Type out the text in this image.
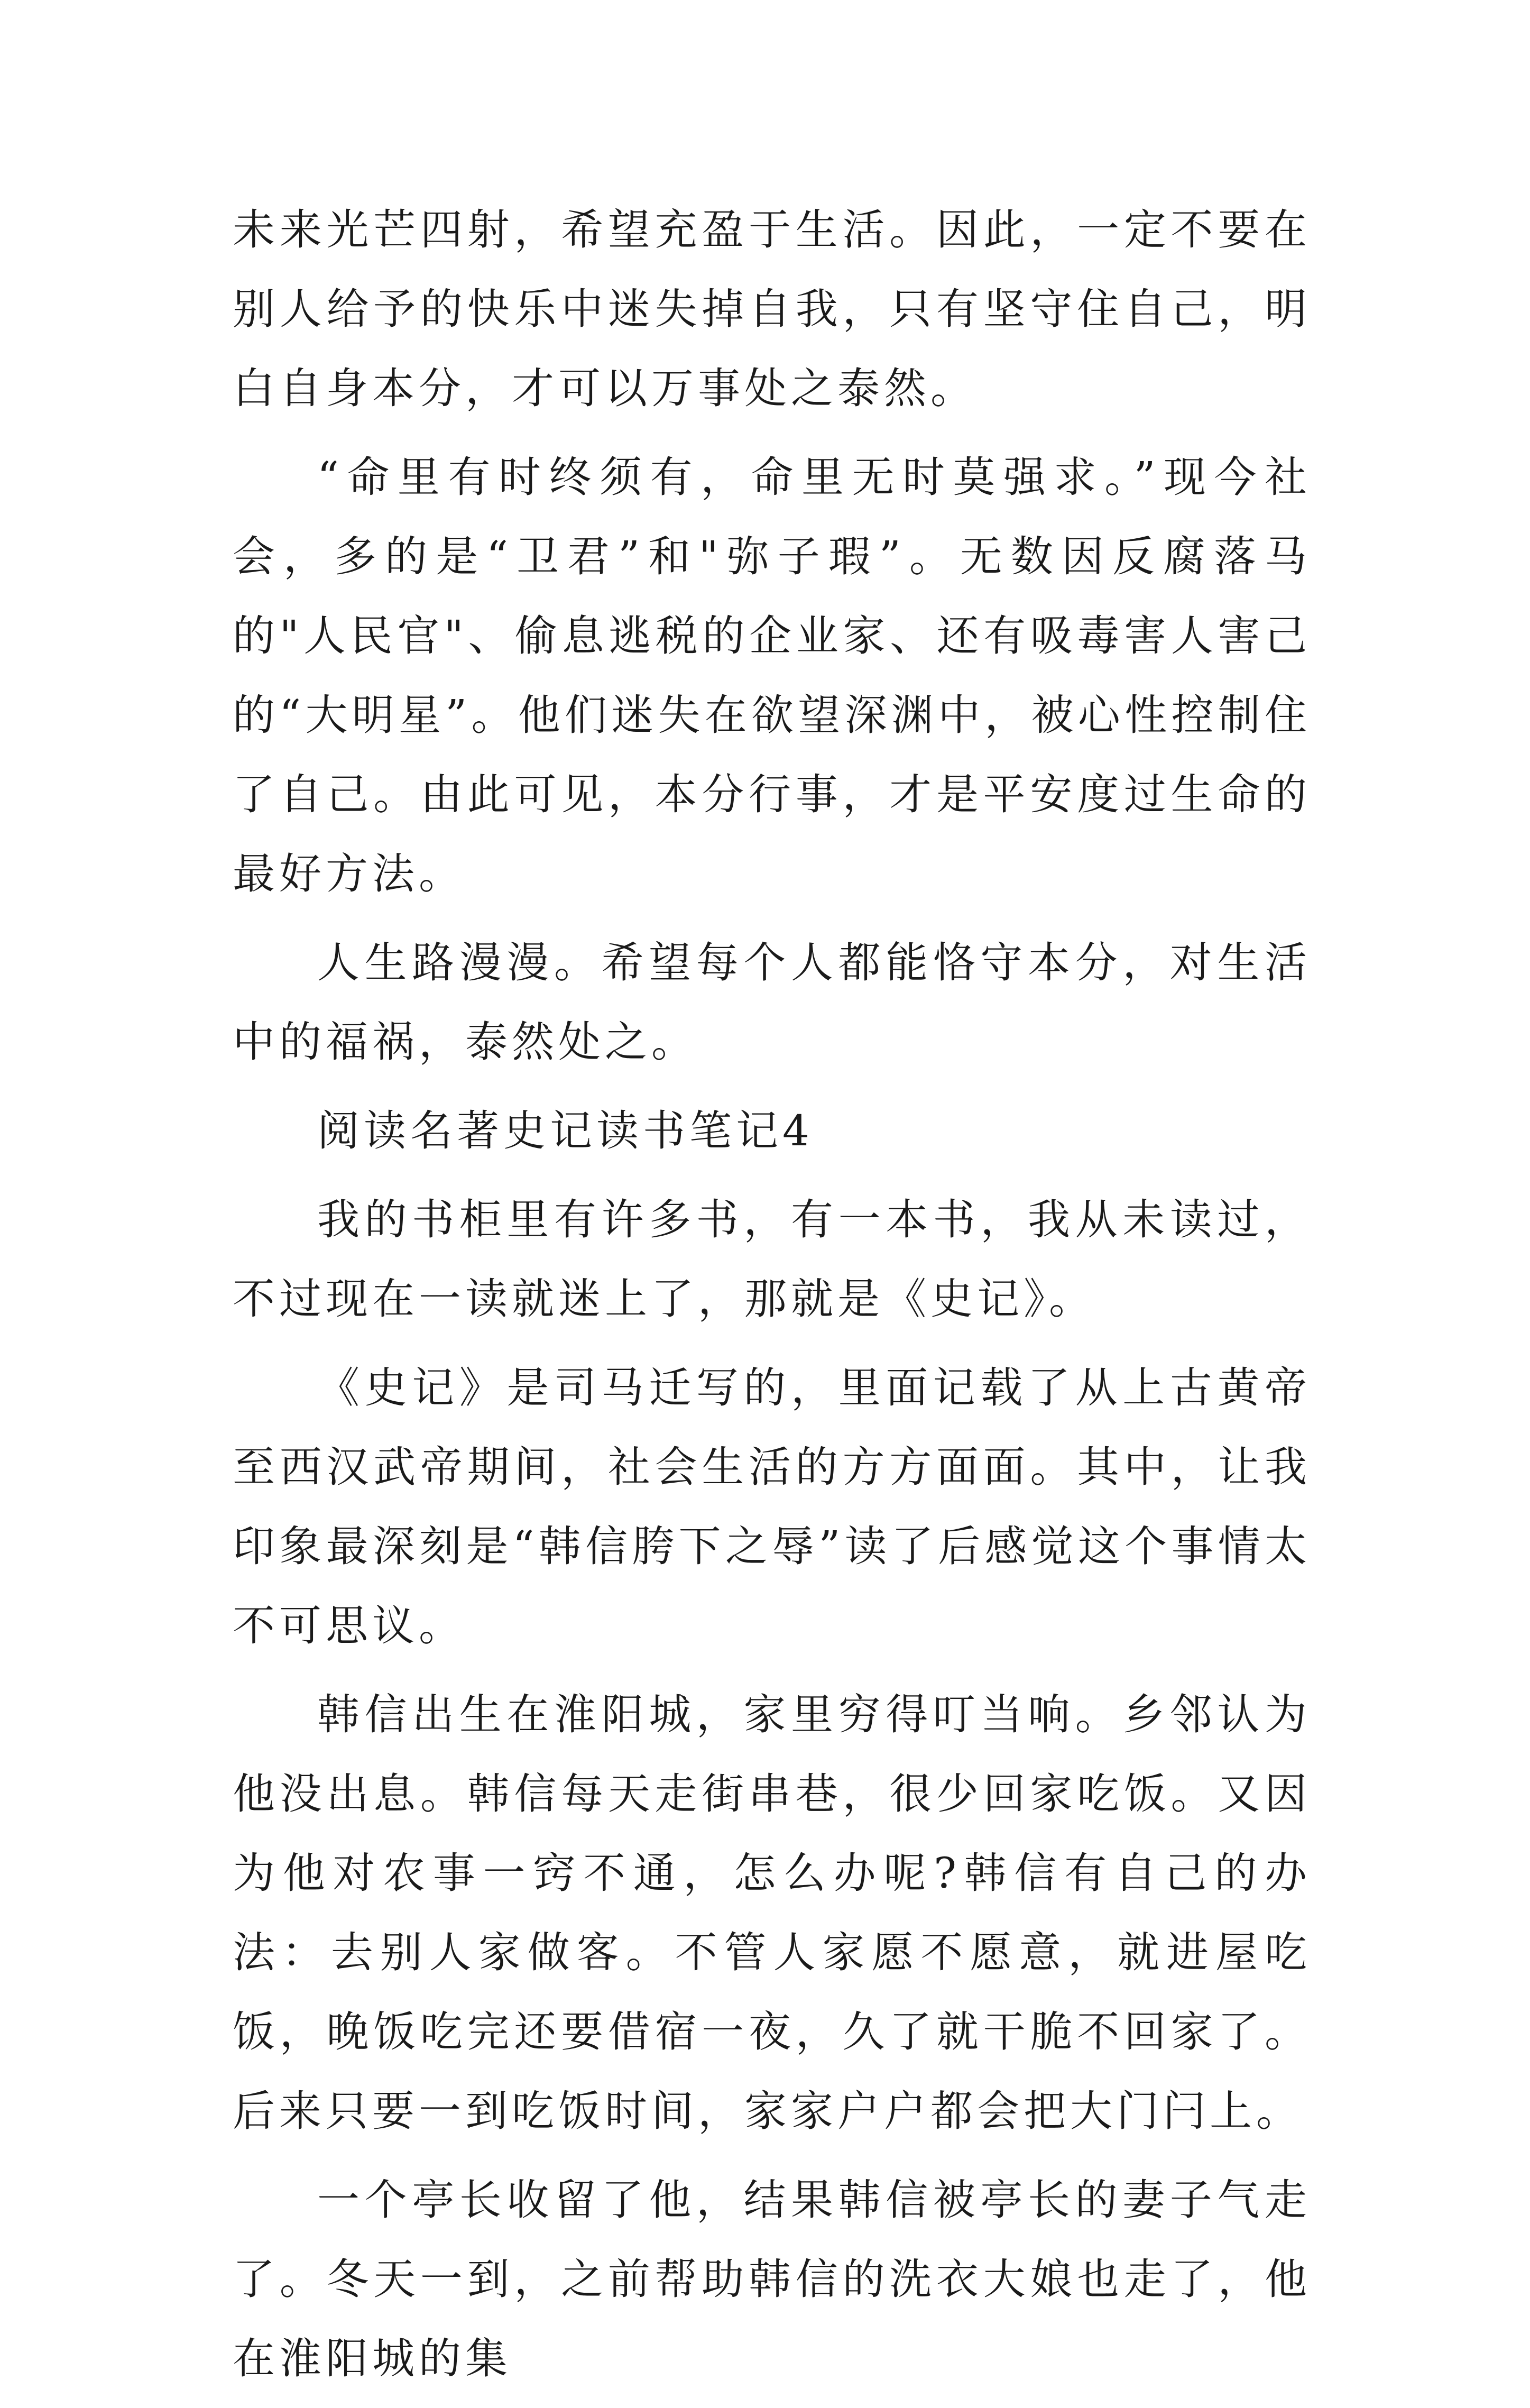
未来光芒四射，希望充盈于生活。因此，一定不要在别人给予的快乐中迷失掉自我，只有坚守住自己，明白自身本分，才可以万事处之泰然。

“命里有时终须有，命里无时莫强求。”现今社会，多的是“卫君”和"弥子瑕”。无数因反腐落马的"人民官"、偷息逃税的企业家、还有吸毒害人害己的“大明星”。他们迷失在欲望深渊中，被心性控制住了自己。由此可见，本分行事，才是平安度过生命的最好方法。

人生路漫漫。希望每个人都能恪守本分，对生活中的福祸，泰然处之。

阅读名著史记读书笔记4

我的书柜里有许多书，有一本书，我从未读过，不过现在一读就迷上了，那就是《史记》。

《史记》是司马迁写的，里面记载了从上古黄帝至西汉武帝期间，社会生活的方方面面。其中，让我印象最深刻是“韩信胯下之辱”读了后感觉这个事情太不可思议。

韩信出生在淮阳城，家里穷得叮当响。乡邻认为他没出息。韩信每天走街串巷，很少回家吃饭。又因为他对农事一窍不通，怎么办呢?韩信有自己的办法：去别人家做客。不管人家愿不愿意，就进屋吃饭，晚饭吃完还要借宿一夜，久了就干脆不回家了。后来只要一到吃饭时间，家家户户都会把大门闩上。

一个亭长收留了他，结果韩信被亭长的妻子气走了。冬天一到，之前帮助韩信的洗衣大娘也走了，他在淮阳城的集
